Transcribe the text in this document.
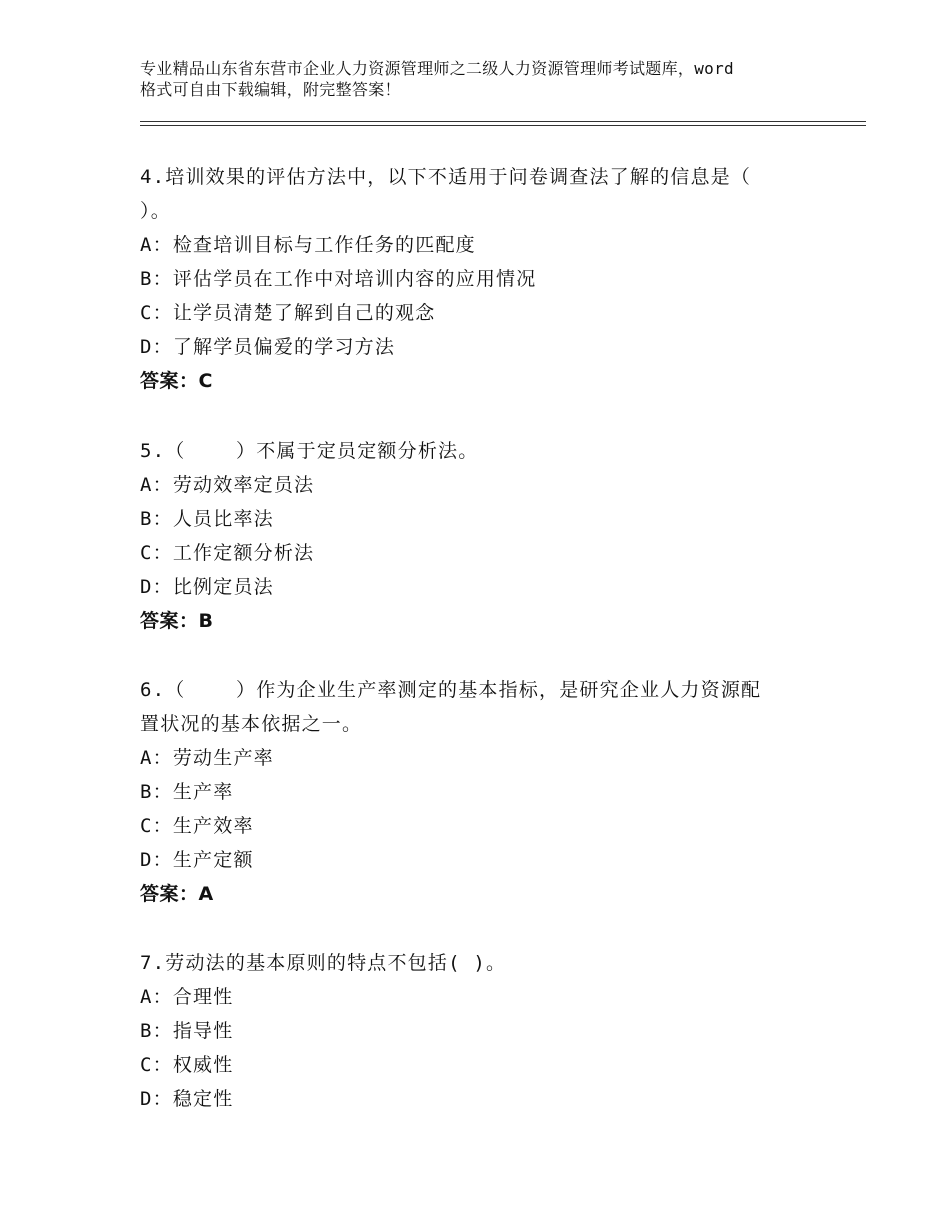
专业精品山东省东营市企业人力资源管理师之二级人力资源管理师考试题库，word
格式可自由下载编辑，附完整答案！

4.培训效果的评估方法中，以下不适用于问卷调查法了解的信息是（

）。

A：检查培训目标与工作任务的匹配度

B：评估学员在工作中对培训内容的应用情况

C：让学员清楚了解到自己的观念

D：了解学员偏爱的学习方法

答案：C

5.（    ）不属于定员定额分析法。

A：劳动效率定员法

B：人员比率法

C：工作定额分析法

D：比例定员法

答案：B

6.（    ）作为企业生产率测定的基本指标，是研究企业人力资源配

置状况的基本依据之一。

A：劳动生产率

B：生产率

C：生产效率

D：生产定额

答案：A

7.劳动法的基本原则的特点不包括( )。

A：合理性

B：指导性

C：权威性

D：稳定性
